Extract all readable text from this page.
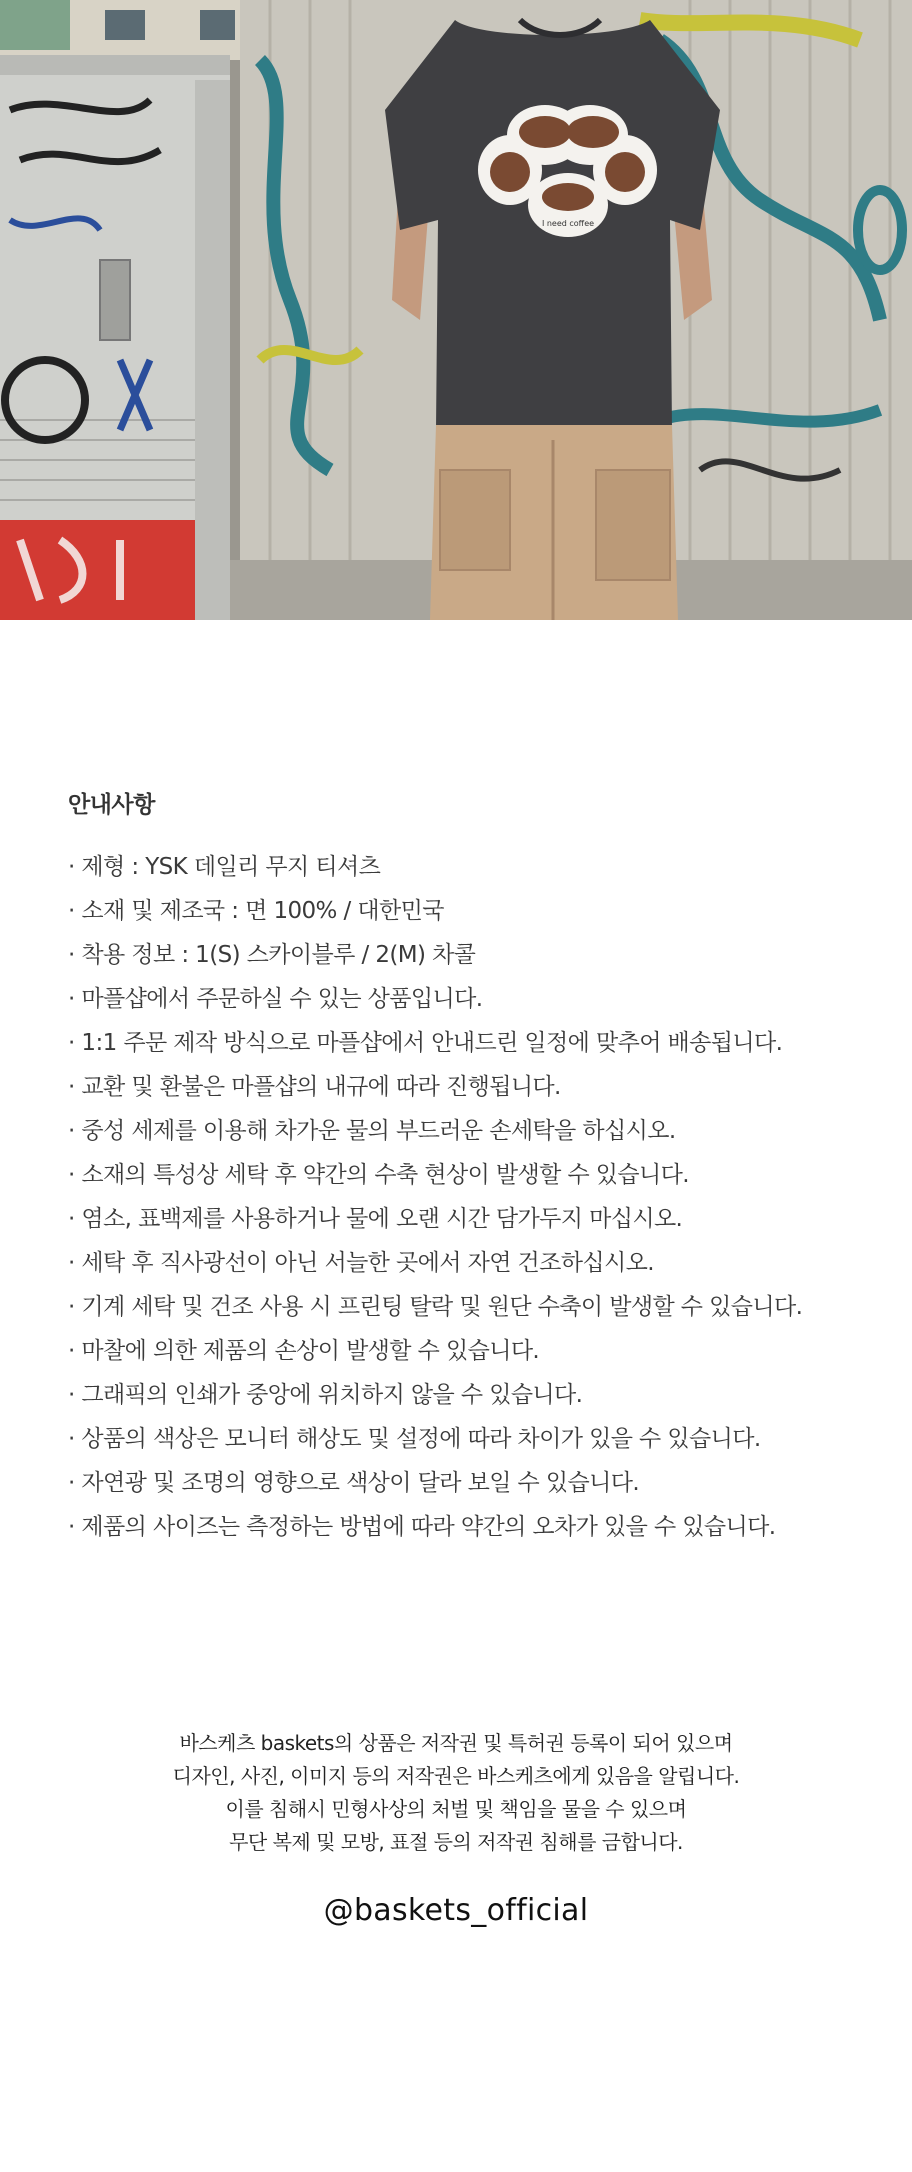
I need coffee
안내사항
· 제형 : YSK 데일리 무지 티셔츠
· 소재 및 제조국 : 면 100% / 대한민국
· 착용 정보 : 1(S) 스카이블루 / 2(M) 차콜
· 마플샵에서 주문하실 수 있는 상품입니다.
· 1:1 주문 제작 방식으로 마플샵에서 안내드린 일정에 맞추어 배송됩니다.
· 교환 및 환불은 마플샵의 내규에 따라 진행됩니다.
· 중성 세제를 이용해 차가운 물의 부드러운 손세탁을 하십시오.
· 소재의 특성상 세탁 후 약간의 수축 현상이 발생할 수 있습니다.
· 염소, 표백제를 사용하거나 물에 오랜 시간 담가두지 마십시오.
· 세탁 후 직사광선이 아닌 서늘한 곳에서 자연 건조하십시오.
· 기계 세탁 및 건조 사용 시 프린팅 탈락 및 원단 수축이 발생할 수 있습니다.
· 마찰에 의한 제품의 손상이 발생할 수 있습니다.
· 그래픽의 인쇄가 중앙에 위치하지 않을 수 있습니다.
· 상품의 색상은 모니터 해상도 및 설정에 따라 차이가 있을 수 있습니다.
· 자연광 및 조명의 영향으로 색상이 달라 보일 수 있습니다.
· 제품의 사이즈는 측정하는 방법에 따라 약간의 오차가 있을 수 있습니다.

바스케츠 baskets의 상품은 저작권 및 특허권 등록이 되어 있으며

디자인, 사진, 이미지 등의 저작권은 바스케츠에게 있음을 알립니다.

이를 침해시 민형사상의 처벌 및 책임을 물을 수 있으며

무단 복제 및 모방, 표절 등의 저작권 침해를 금합니다.

@baskets_official
